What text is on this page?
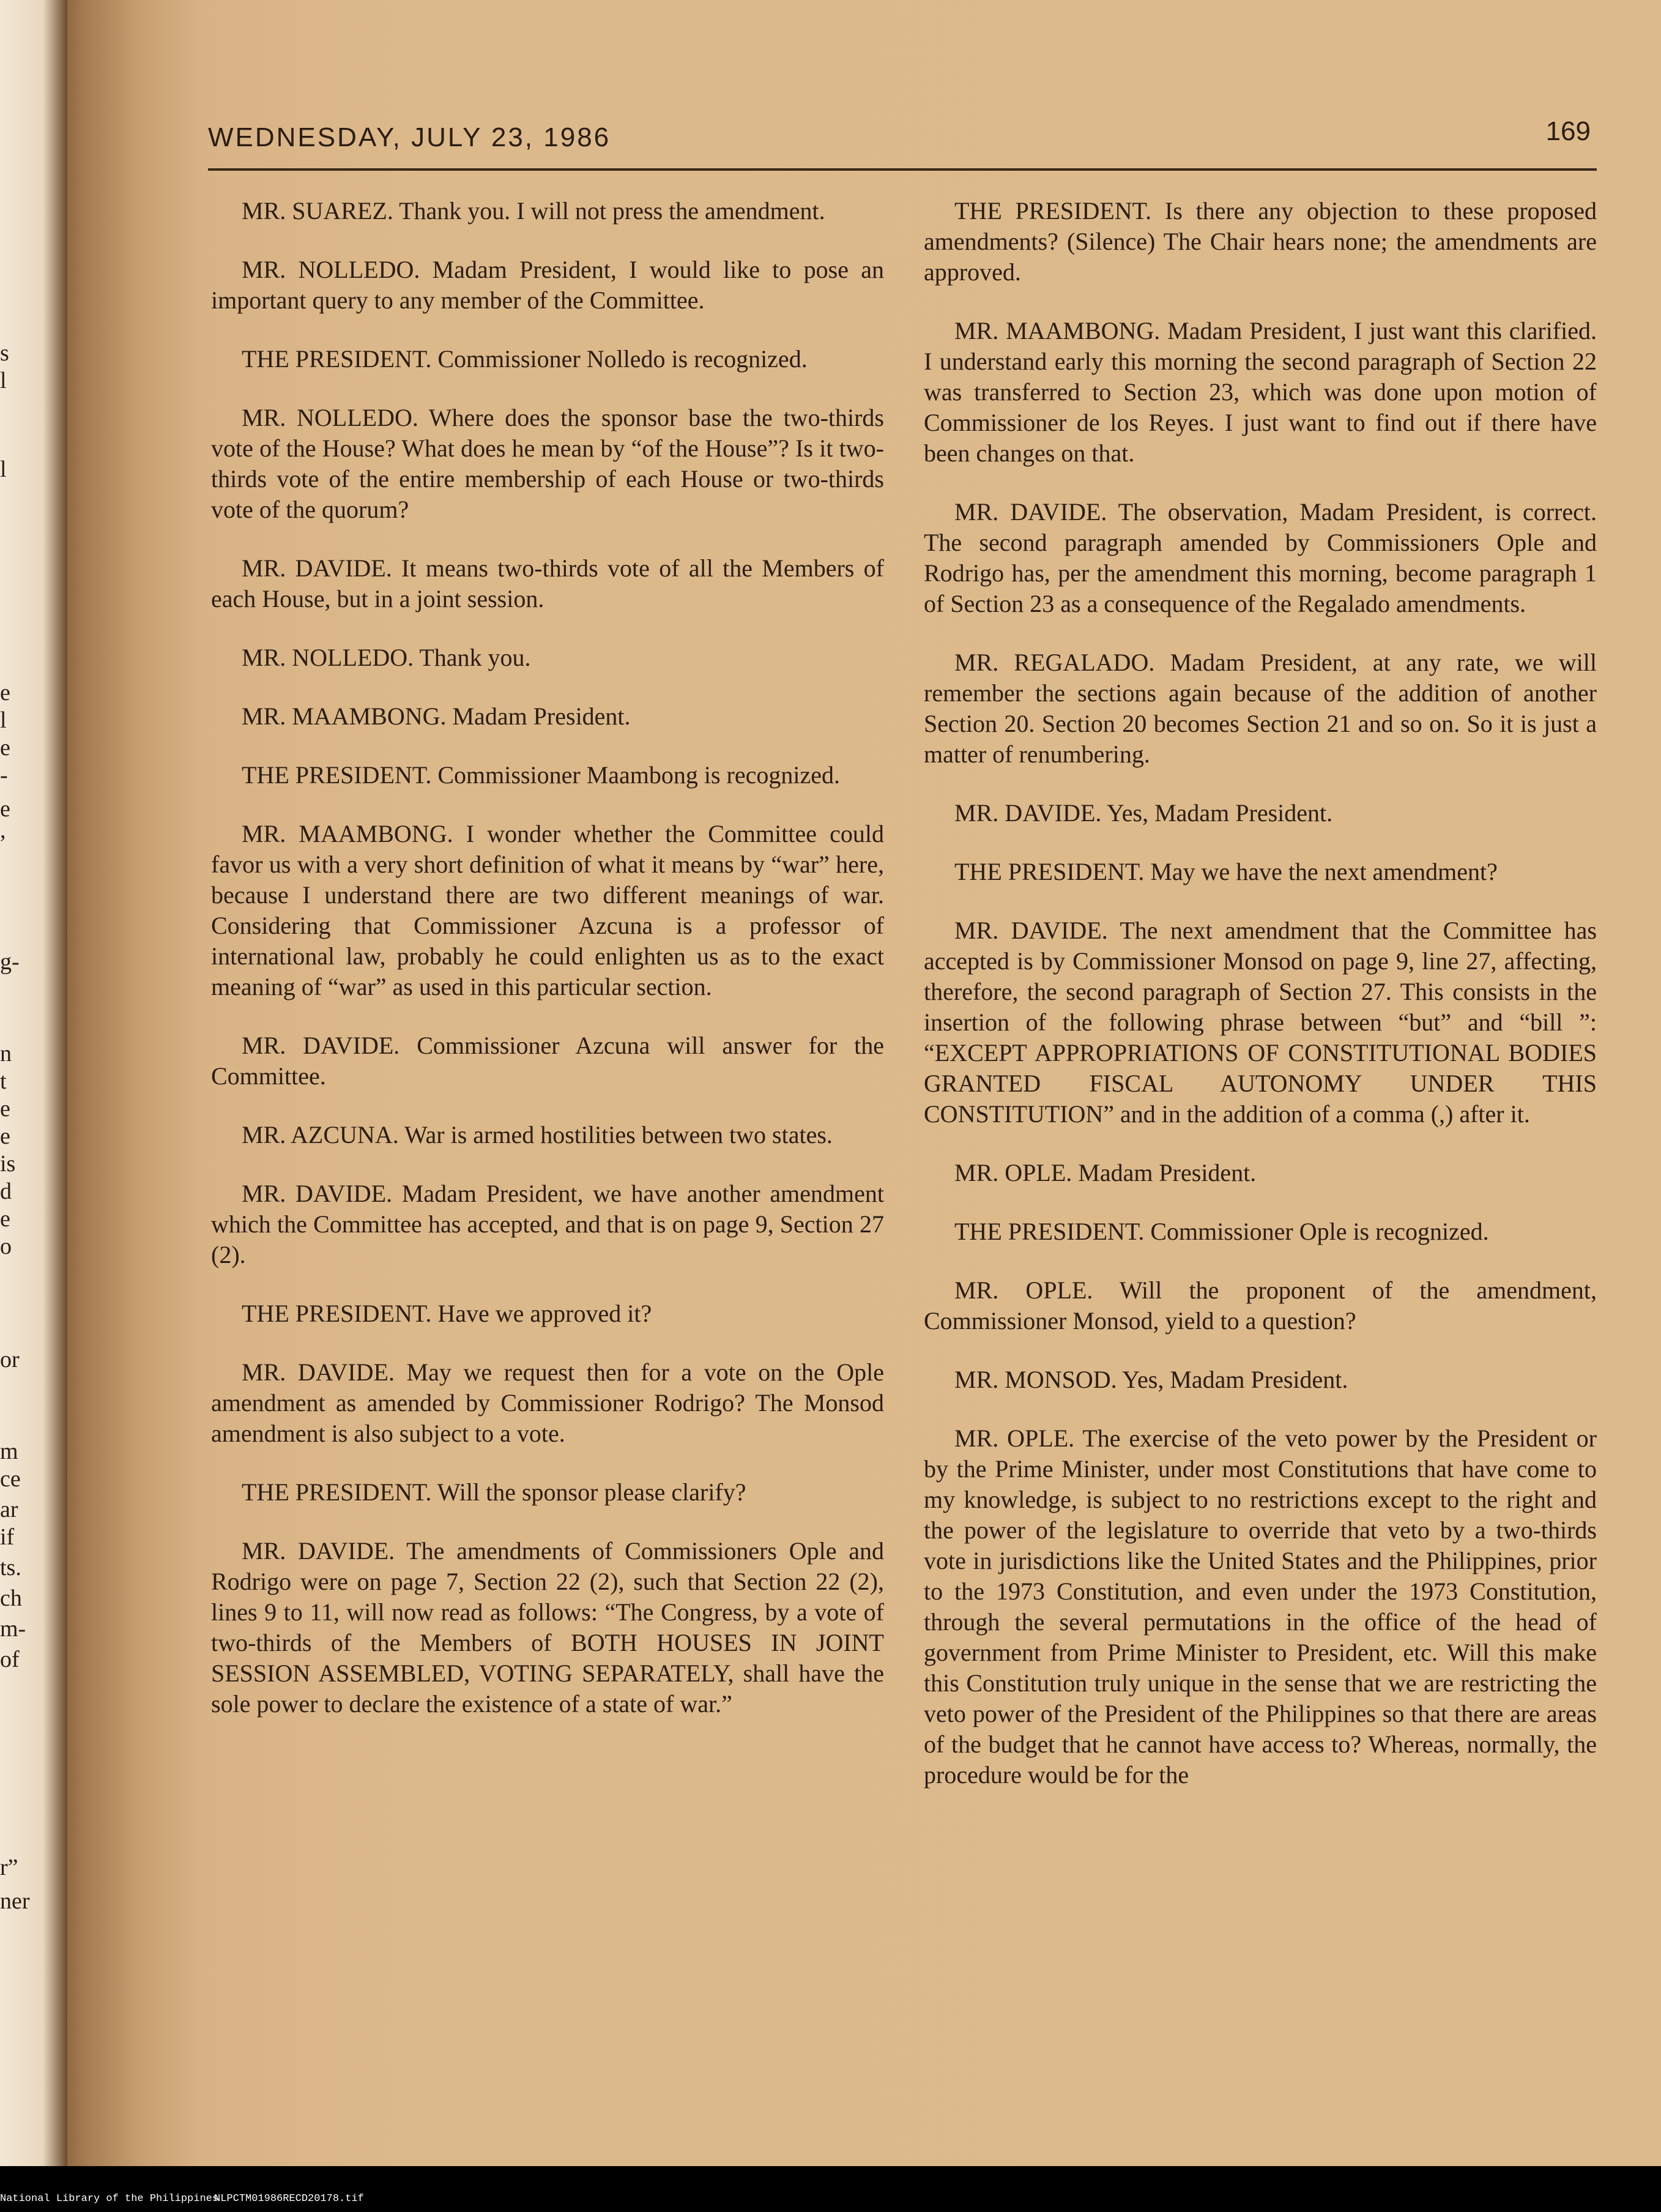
s
l
l
e
l
e
-
e
,
g-
n
t
e
e
is
d
e
o
or
m
ce
ar
if
ts.
ch
m-
of
r”
ner
WEDNESDAY, JULY 23, 1986	169

MR. SUAREZ. Thank you. I will not press the amendment.

MR. NOLLEDO. Madam President, I would like to pose an important query to any member of the Committee.

THE PRESIDENT. Commissioner Nolledo is recognized.

MR. NOLLEDO. Where does the sponsor base the two-thirds vote of the House? What does he mean by “of the House”? Is it two-thirds vote of the entire membership of each House or two-thirds vote of the quorum?

MR. DAVIDE. It means two-thirds vote of all the Members of each House, but in a joint session.

MR. NOLLEDO. Thank you.

MR. MAAMBONG. Madam President.

THE PRESIDENT. Commissioner Maambong is recognized.

MR. MAAMBONG. I wonder whether the Committee could favor us with a very short definition of what it means by “war” here, because I understand there are two different meanings of war. Considering that Commissioner Azcuna is a professor of international law, probably he could enlighten us as to the exact meaning of “war” as used in this particular section.

MR. DAVIDE. Commissioner Azcuna will answer for the Committee.

MR. AZCUNA. War is armed hostilities between two states.

MR. DAVIDE. Madam President, we have another amendment which the Committee has accepted, and that is on page 9, Section 27 (2).

THE PRESIDENT. Have we approved it?

MR. DAVIDE. May we request then for a vote on the Ople amendment as amended by Commissioner Rodrigo? The Monsod amendment is also subject to a vote.

THE PRESIDENT. Will the sponsor please clarify?

MR. DAVIDE. The amendments of Commissioners Ople and Rodrigo were on page 7, Section 22 (2), such that Section 22 (2), lines 9 to 11, will now read as follows: “The Congress, by a vote of two-thirds of the Members of BOTH HOUSES IN JOINT SESSION ASSEMBLED, VOTING SEPARATELY, shall have the sole power to declare the existence of a state of war.”

THE PRESIDENT. Is there any objection to these proposed amendments? (Silence) The Chair hears none; the amendments are approved.

MR. MAAMBONG. Madam President, I just want this clarified. I understand early this morning the second paragraph of Section 22 was transferred to Section 23, which was done upon motion of Commissioner de los Reyes. I just want to find out if there have been changes on that.

MR. DAVIDE. The observation, Madam President, is correct. The second paragraph amended by Commissioners Ople and Rodrigo has, per the amendment this morning, become paragraph 1 of Section 23 as a consequence of the Regalado amendments.

MR. REGALADO. Madam President, at any rate, we will remember the sections again because of the addition of another Section 20. Section 20 becomes Section 21 and so on. So it is just a matter of renumbering.

MR. DAVIDE. Yes, Madam President.

THE PRESIDENT. May we have the next amendment?

MR. DAVIDE. The next amendment that the Committee has accepted is by Commissioner Monsod on page 9, line 27, affecting, therefore, the second paragraph of Section 27. This consists in the insertion of the following phrase between “but” and “bill ”: “EXCEPT APPROPRIATIONS OF CONSTITUTIONAL BODIES GRANTED FISCAL AUTONOMY UNDER THIS CONSTITUTION” and in the addition of a comma (,) after it.

MR. OPLE. Madam President.

THE PRESIDENT. Commissioner Ople is recognized.

MR. OPLE. Will the proponent of the amendment, Commissioner Monsod, yield to a question?

MR. MONSOD. Yes, Madam President.

MR. OPLE. The exercise of the veto power by the President or by the Prime Minister, under most Constitutions that have come to my knowledge, is subject to no restrictions except to the right and the power of the legislature to override that veto by a two-thirds vote in jurisdictions like the United States and the Philippines, prior to the 1973 Constitution, and even under the 1973 Constitution, through the several permutations in the office of the head of government from Prime Minister to President, etc. Will this make this Constitution truly unique in the sense that we are restricting the veto power of the President of the Philippines so that there are areas of the budget that he cannot have access to? Whereas, normally, the procedure would be for the

National Library of the Philippines
NLPCTM01986RECD20178.tif
